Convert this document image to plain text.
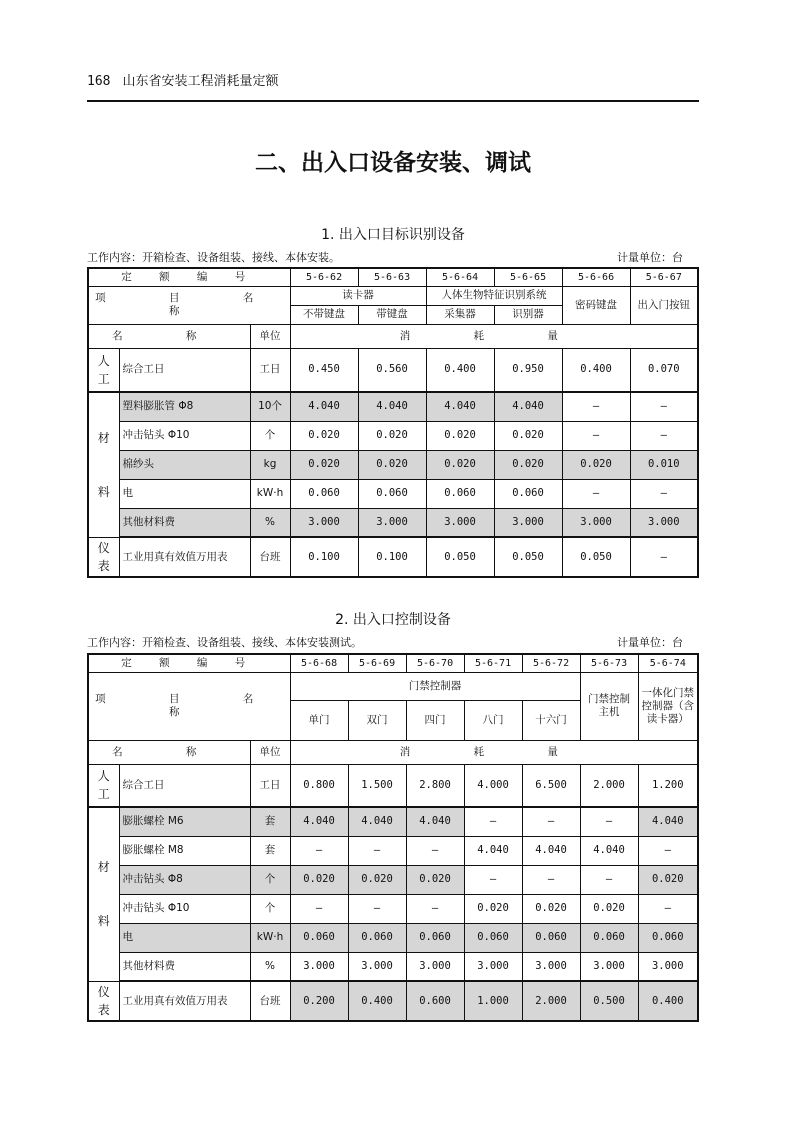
168 山东省安装工程消耗量定额
二、出入口设备安装、调试
1. 出入口目标识别设备
工作内容：开箱检查、设备组装、接线、本体安装。	计量单位：台
定 额 编 号			5-6-62	5-6-63	5-6-64	5-6-65	5-6-66	5-6-67
项 目 名 称			读卡器		人体生物特征识别系统		密码键盘	出入门按钮
			不带键盘	带键盘	采集器	识别器		
名 称		单位	消 耗 量					

人
工	综合工日	工日	0.450	0.560	0.400	0.950	0.400	0.070

材

料	塑料膨胀管 Φ8	10个	4.040	4.040	4.040	4.040	—	—
	冲击钻头 Φ10	个	0.020	0.020	0.020	0.020	—	—
	棉纱头	kg	0.020	0.020	0.020	0.020	0.020	0.010
	电	kW·h	0.060	0.060	0.060	0.060	—	—
	其他材料费	%	3.000	3.000	3.000	3.000	3.000	3.000

仪
表	工业用真有效值万用表	台班	0.100	0.100	0.050	0.050	0.050	—
2. 出入口控制设备
工作内容：开箱检查、设备组装、接线、本体安装测试。	计量单位：台
定 额 编 号			5-6-68	5-6-69	5-6-70	5-6-71	5-6-72	5-6-73	5-6-74
项 目 名 称			门禁控制器					门禁控制主机	一体化门禁控制器（含读卡器）
			单门	双门	四门	八门	十六门		
名 称		单位	消 耗 量						

人
工	综合工日	工日	0.800	1.500	2.800	4.000	6.500	2.000	1.200

材

料	膨胀螺栓 M6	套	4.040	4.040	4.040	—	—	—	4.040
	膨胀螺栓 M8	套	—	—	—	4.040	4.040	4.040	—
	冲击钻头 Φ8	个	0.020	0.020	0.020	—	—	—	0.020
	冲击钻头 Φ10	个	—	—	—	0.020	0.020	0.020	—
	电	kW·h	0.060	0.060	0.060	0.060	0.060	0.060	0.060
	其他材料费	%	3.000	3.000	3.000	3.000	3.000	3.000	3.000

仪
表	工业用真有效值万用表	台班	0.200	0.400	0.600	1.000	2.000	0.500	0.400
